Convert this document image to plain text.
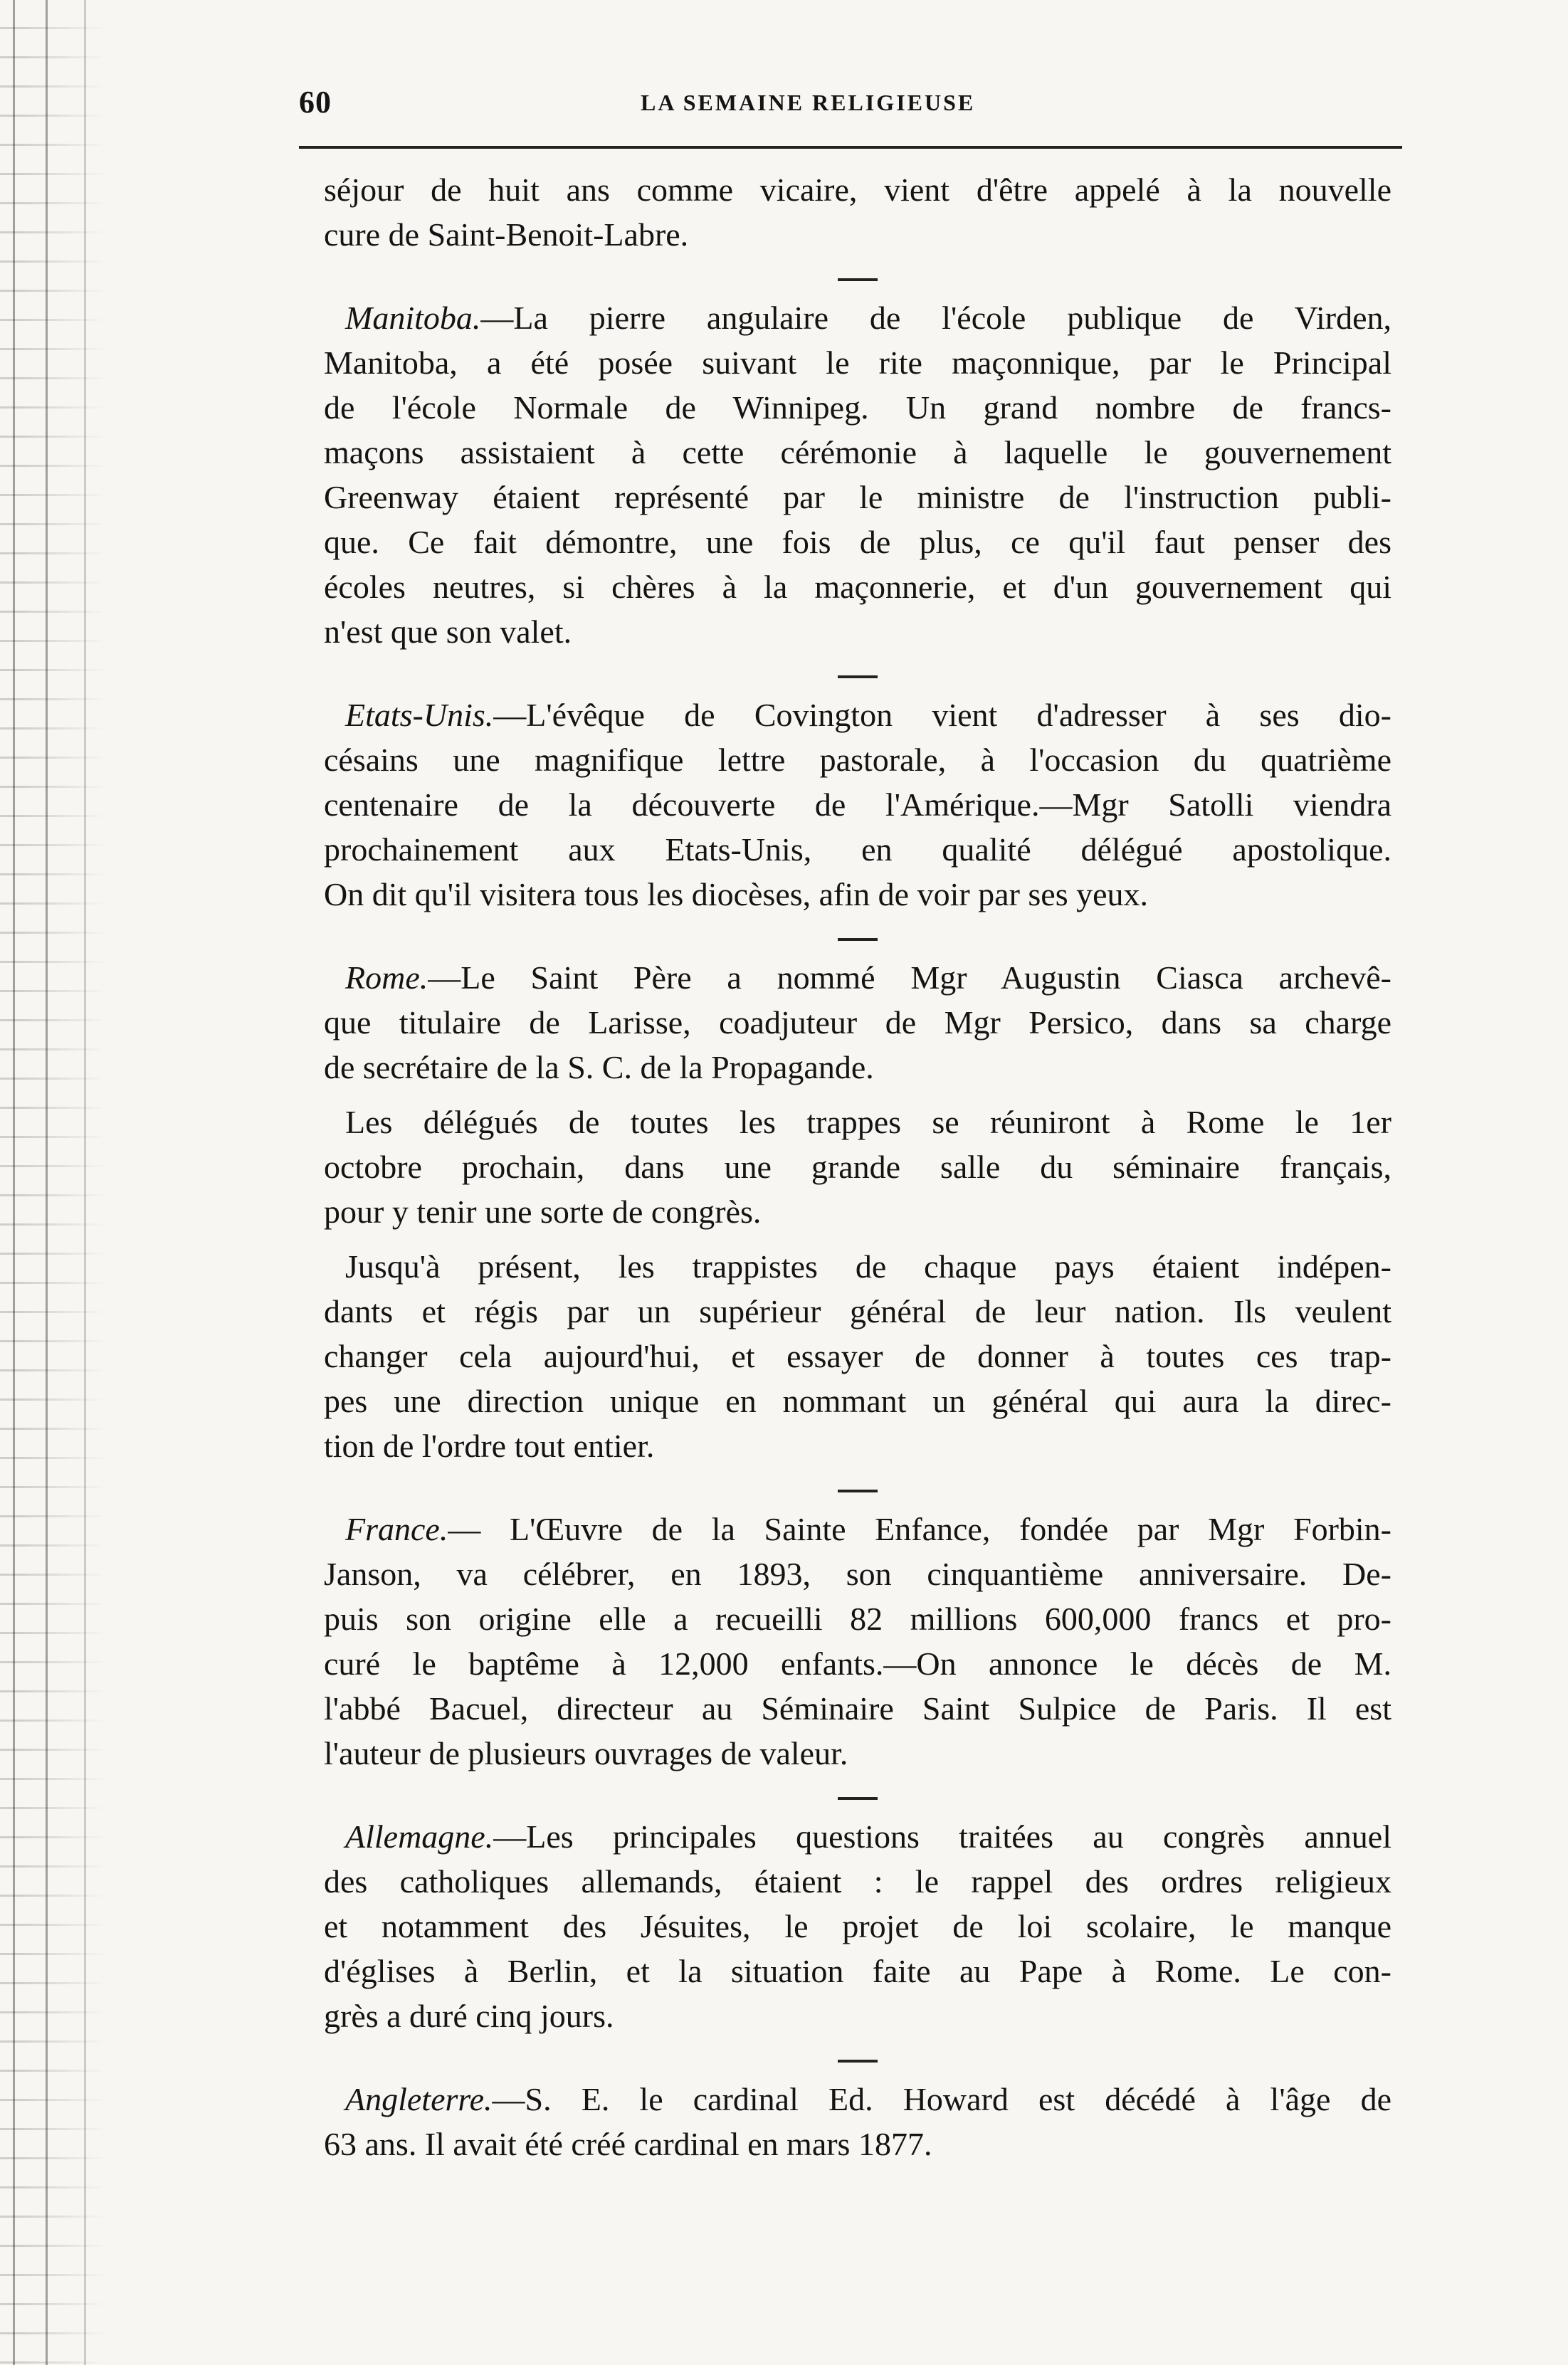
60	LA SEMAINE RELIGIEUSE
séjour de huit ans comme vicaire, vient d'être appelé à la nouvelle
cure de Saint-Benoit-Labre.
Manitoba.—La pierre angulaire de l'école publique de Virden,
Manitoba, a été posée suivant le rite maçonnique, par le Principal
de l'école Normale de Winnipeg. Un grand nombre de francs-
maçons assistaient à cette cérémonie à laquelle le gouvernement
Greenway étaient représenté par le ministre de l'instruction publi-
que. Ce fait démontre, une fois de plus, ce qu'il faut penser des
écoles neutres, si chères à la maçonnerie, et d'un gouvernement qui
n'est que son valet.
Etats-Unis.—L'évêque de Covington vient d'adresser à ses dio-
césains une magnifique lettre pastorale, à l'occasion du quatrième
centenaire de la découverte de l'Amérique.—Mgr Satolli viendra
prochainement aux Etats-Unis, en qualité délégué apostolique.
On dit qu'il visitera tous les diocèses, afin de voir par ses yeux.
Rome.—Le Saint Père a nommé Mgr Augustin Ciasca archevê-
que titulaire de Larisse, coadjuteur de Mgr Persico, dans sa charge
de secrétaire de la S. C. de la Propagande.
Les délégués de toutes les trappes se réuniront à Rome le 1er
octobre prochain, dans une grande salle du séminaire français,
pour y tenir une sorte de congrès.
Jusqu'à présent, les trappistes de chaque pays étaient indépen-
dants et régis par un supérieur général de leur nation. Ils veulent
changer cela aujourd'hui, et essayer de donner à toutes ces trap-
pes une direction unique en nommant un général qui aura la direc-
tion de l'ordre tout entier.
France.— L'Œuvre de la Sainte Enfance, fondée par Mgr Forbin-
Janson, va célébrer, en 1893, son cinquantième anniversaire. De-
puis son origine elle a recueilli 82 millions 600,000 francs et pro-
curé le baptême à 12,000 enfants.—On annonce le décès de M.
l'abbé Bacuel, directeur au Séminaire Saint Sulpice de Paris. Il est
l'auteur de plusieurs ouvrages de valeur.
Allemagne.—Les principales questions traitées au congrès annuel
des catholiques allemands, étaient : le rappel des ordres religieux
et notamment des Jésuites, le projet de loi scolaire, le manque
d'églises à Berlin, et la situation faite au Pape à Rome. Le con-
grès a duré cinq jours.
Angleterre.—S. E. le cardinal Ed. Howard est décédé à l'âge de
63 ans. Il avait été créé cardinal en mars 1877.
